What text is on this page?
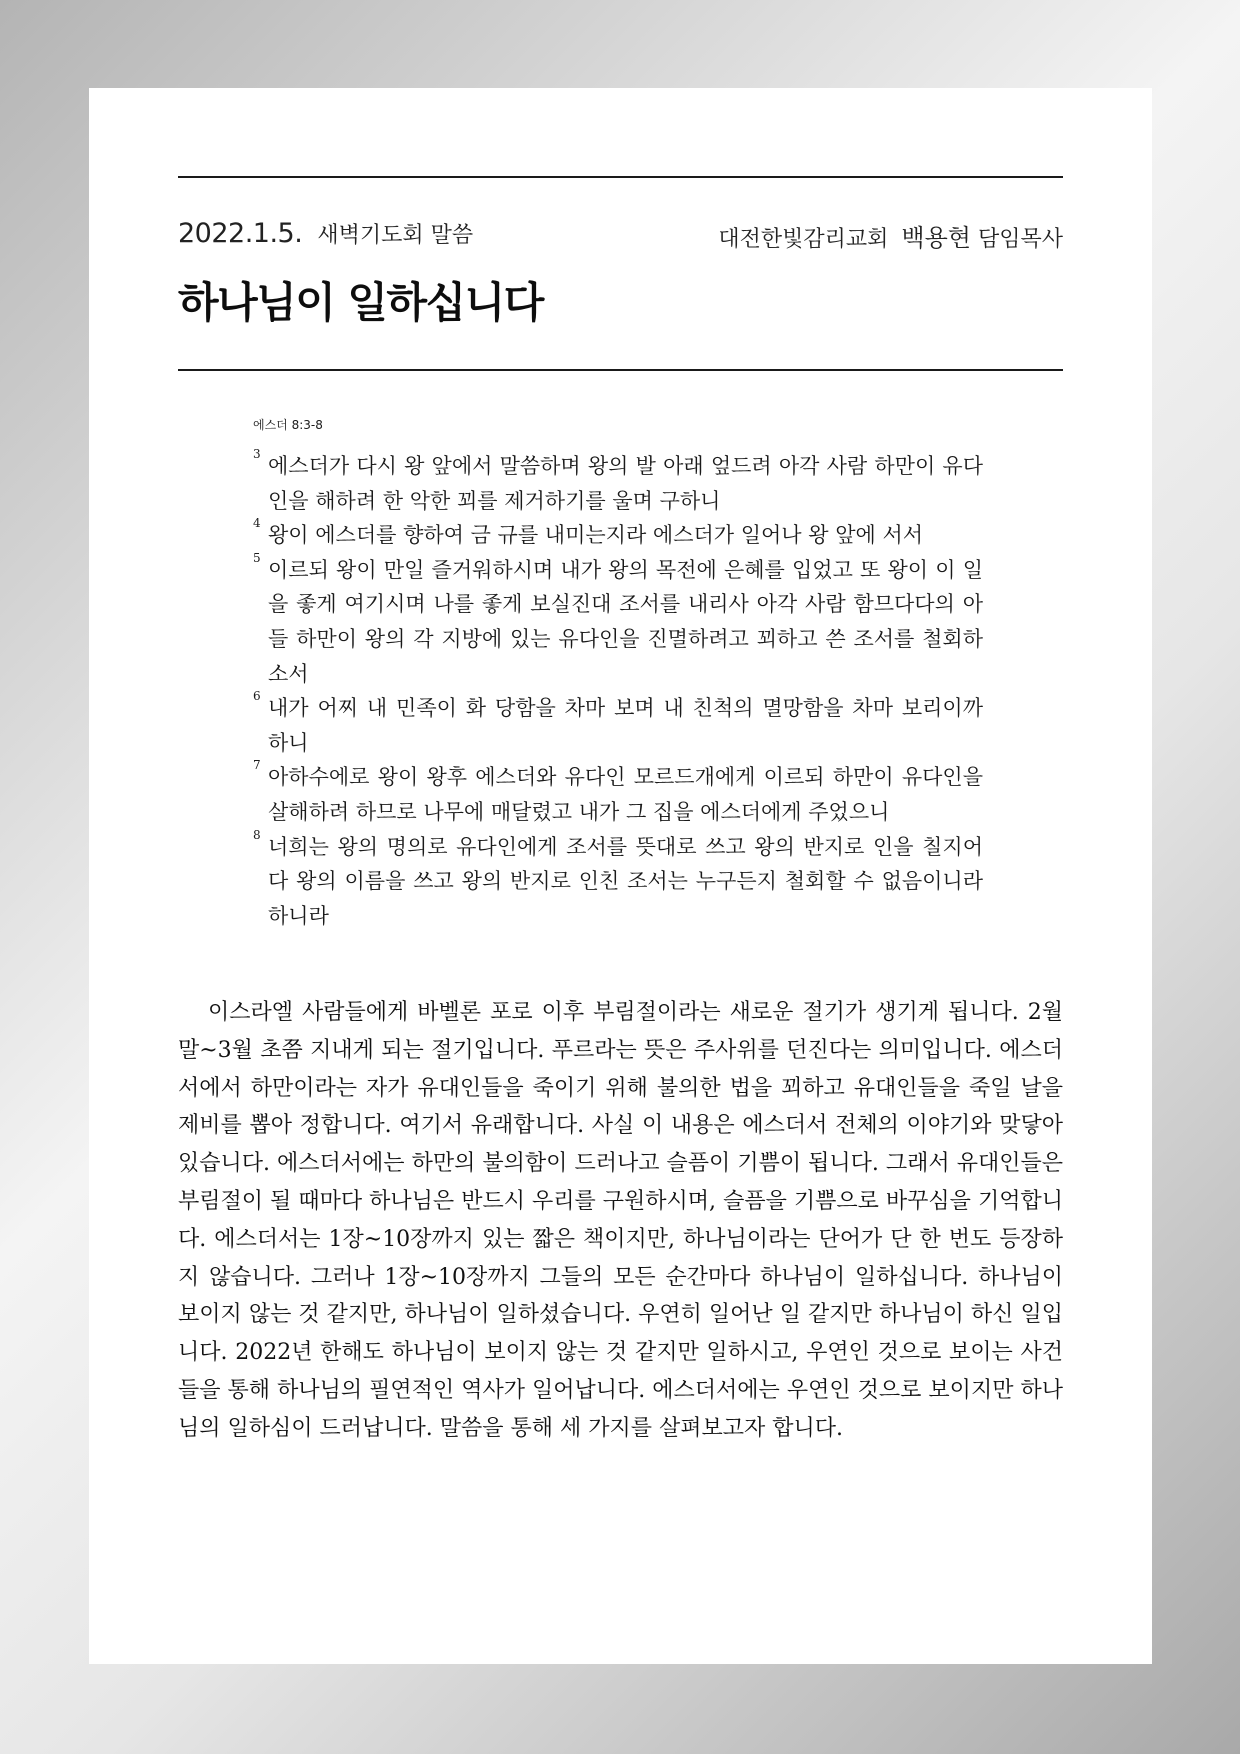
2022.1.5. 새벽기도회 말씀	대전한빛감리교회 백용현 담임목사
하나님이 일하십니다
에스더 8:3-8
3 에스더가 다시 왕 앞에서 말씀하며 왕의 발 아래 엎드려 아각 사람 하만이 유다인을 해하려 한 악한 꾀를 제거하기를 울며 구하니
4 왕이 에스더를 향하여 금 규를 내미는지라 에스더가 일어나 왕 앞에 서서
5 이르되 왕이 만일 즐거워하시며 내가 왕의 목전에 은혜를 입었고 또 왕이 이 일을 좋게 여기시며 나를 좋게 보실진대 조서를 내리사 아각 사람 함므다다의 아들 하만이 왕의 각 지방에 있는 유다인을 진멸하려고 꾀하고 쓴 조서를 철회하소서
6 내가 어찌 내 민족이 화 당함을 차마 보며 내 친척의 멸망함을 차마 보리이까 하니
7 아하수에로 왕이 왕후 에스더와 유다인 모르드개에게 이르되 하만이 유다인을 살해하려 하므로 나무에 매달렸고 내가 그 집을 에스더에게 주었으니
8 너희는 왕의 명의로 유다인에게 조서를 뜻대로 쓰고 왕의 반지로 인을 칠지어다 왕의 이름을 쓰고 왕의 반지로 인친 조서는 누구든지 철회할 수 없음이니라 하니라

이스라엘 사람들에게 바벨론 포로 이후 부림절이라는 새로운 절기가 생기게 됩니다. 2월 말~3월 초쯤 지내게 되는 절기입니다. 푸르라는 뜻은 주사위를 던진다는 의미입니다. 에스더서에서 하만이라는 자가 유대인들을 죽이기 위해 불의한 법을 꾀하고 유대인들을 죽일 날을 제비를 뽑아 정합니다. 여기서 유래합니다. 사실 이 내용은 에스더서 전체의 이야기와 맞닿아 있습니다. 에스더서에는 하만의 불의함이 드러나고 슬픔이 기쁨이 됩니다. 그래서 유대인들은 부림절이 될 때마다 하나님은 반드시 우리를 구원하시며, 슬픔을 기쁨으로 바꾸심을 기억합니다. 에스더서는 1장~10장까지 있는 짧은 책이지만, 하나님이라는 단어가 단 한 번도 등장하지 않습니다. 그러나 1장~10장까지 그들의 모든 순간마다 하나님이 일하십니다. 하나님이 보이지 않는 것 같지만, 하나님이 일하셨습니다. 우연히 일어난 일 같지만 하나님이 하신 일입니다. 2022년 한해도 하나님이 보이지 않는 것 같지만 일하시고, 우연인 것으로 보이는 사건들을 통해 하나님의 필연적인 역사가 일어납니다. 에스더서에는 우연인 것으로 보이지만 하나님의 일하심이 드러납니다. 말씀을 통해 세 가지를 살펴보고자 합니다.
